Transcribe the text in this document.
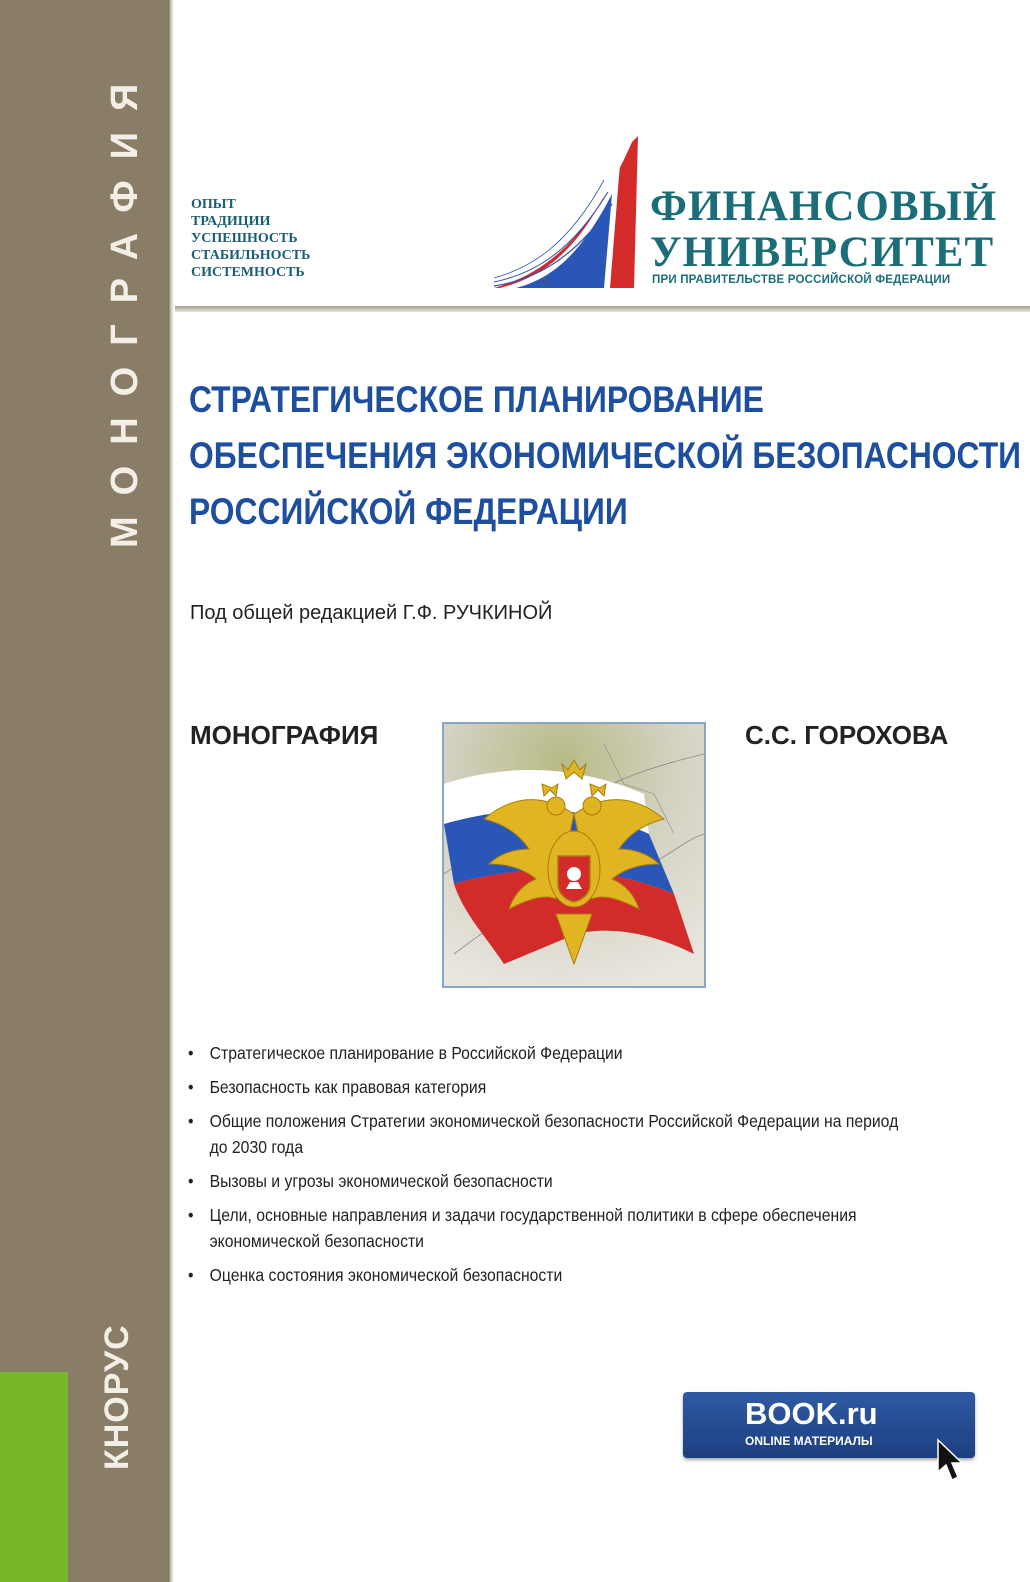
МОНОГРАФИЯ
КНОРУС
ОПЫТ
ТРАДИЦИИ
УСПЕШНОСТЬ
СТАБИЛЬНОСТЬ
СИСТЕМНОСТЬ
1919
ФИНАНСОВЫЙ
УНИВЕРСИТЕТ
ПРИ ПРАВИТЕЛЬСТВЕ РОССИЙСКОЙ ФЕДЕРАЦИИ
СТРАТЕГИЧЕСКОЕ ПЛАНИРОВАНИЕ
ОБЕСПЕЧЕНИЯ ЭКОНОМИЧЕСКОЙ БЕЗОПАСНОСТИ
РОССИЙСКОЙ ФЕДЕРАЦИИ
Под общей редакцией Г.Ф. РУЧКИНОЙ
МОНОГРАФИЯ	С.С. ГОРОХОВА
• Стратегическое планирование в Российской Федерации
• Безопасность как правовая категория
• Общие положения Стратегии экономической безопасности Российской Федерации на период до 2030 года
• Вызовы и угрозы экономической безопасности
• Цели, основные направления и задачи государственной политики в сфере обеспечения экономической безопасности
• Оценка состояния экономической безопасности
BOOK.ru
ONLINE МАТЕРИАЛЫ
